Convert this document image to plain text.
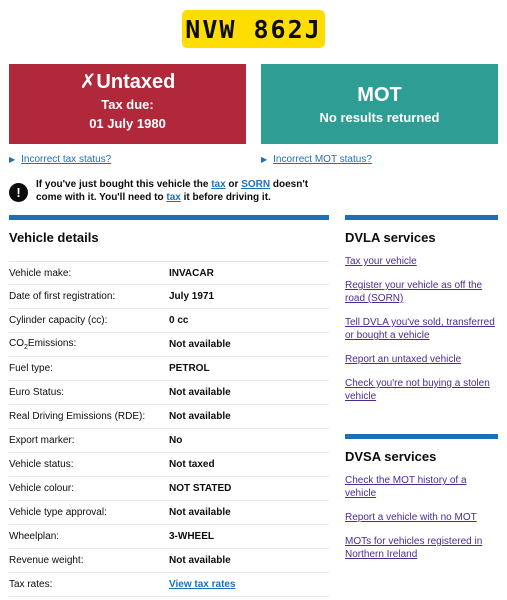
NVW 862J
✗Untaxed
Tax due:
01 July 1980
MOT
No results returned
▶ Incorrect tax status?	▶ Incorrect MOT status?
!
If you've just bought this vehicle the tax or SORN doesn't come with it. You'll need to tax it before driving it.
Vehicle details
Vehicle make:	INVACAR
Date of first registration:	July 1971
Cylinder capacity (cc):	0 cc
$CO_2Emissions$:	Not available
Fuel type:	PETROL
Euro Status:	Not available
Real Driving Emissions (RDE):	Not available
Export marker:	No
Vehicle status:	Not taxed
Vehicle colour:	NOT STATED
Vehicle type approval:	Not available
Wheelplan:	3-WHEEL
Revenue weight:	Not available
Tax rates:	View tax rates
DVLA services
Tax your vehicle
Register your vehicle as off the road (SORN)
Tell DVLA you've sold, transferred or bought a vehicle
Report an untaxed vehicle
Check you're not buying a stolen vehicle
DVSA services
Check the MOT history of a vehicle
Report a vehicle with no MOT
MOTs for vehicles registered in Northern Ireland
